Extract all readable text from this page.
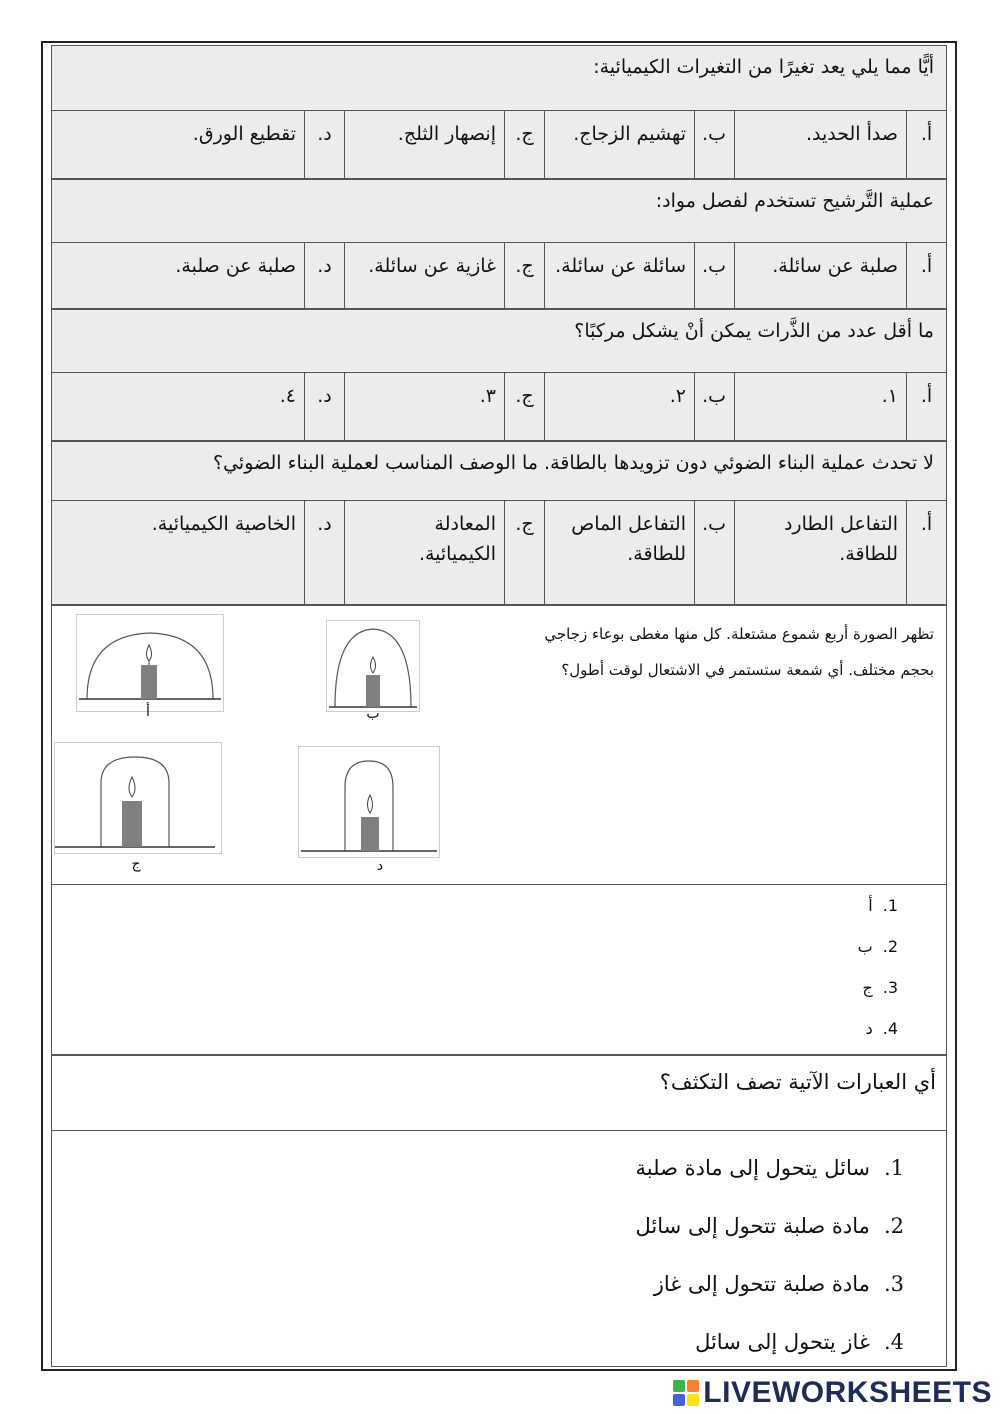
أيًّا مما يلي يعد تغيرًا من التغيرات الكيميائية:
أ.
صدأ الحديد.
ب.
تهشيم الزجاج.
ج.
إنصهار الثلج.
د.
تقطيع الورق.
عملية التَّرشيح تستخدم لفصل مواد:
أ.
صلبة عن سائلة.
ب.
سائلة عن سائلة.
ج.
غازية عن سائلة.
د.
صلبة عن صلبة.
ما أقل عدد من الذَّرات يمكن أنْ يشكل مركبًا؟
أ.
١.
ب.
٢.
ج.
٣.
د.
٤.
لا تحدث عملية البناء الضوئي دون تزويدها بالطاقة. ما الوصف المناسب لعملية البناء الضوئي؟
أ.
التفاعل الطارد للطاقة.
ب.
التفاعل الماص للطاقة.
ج.
المعادلة الكيميائية.
د.
الخاصية الكيميائية.
تظهر الصورة أربع شموع مشتعلة. كل منها مغطى بوعاء زجاجي
بحجم مختلف. أي شمعة ستستمر في الاشتعال لوقت أطول؟
أ	ب
ج	د
1.
أ
2.
ب
3.
ج
4.
د
أي العبارات الآتية تصف التكثف؟
1.
سائل يتحول إلى مادة صلبة
2.
مادة صلبة تتحول إلى سائل
3.
مادة صلبة تتحول إلى غاز
4.
غاز يتحول إلى سائل
LIVEWORKSHEETS
